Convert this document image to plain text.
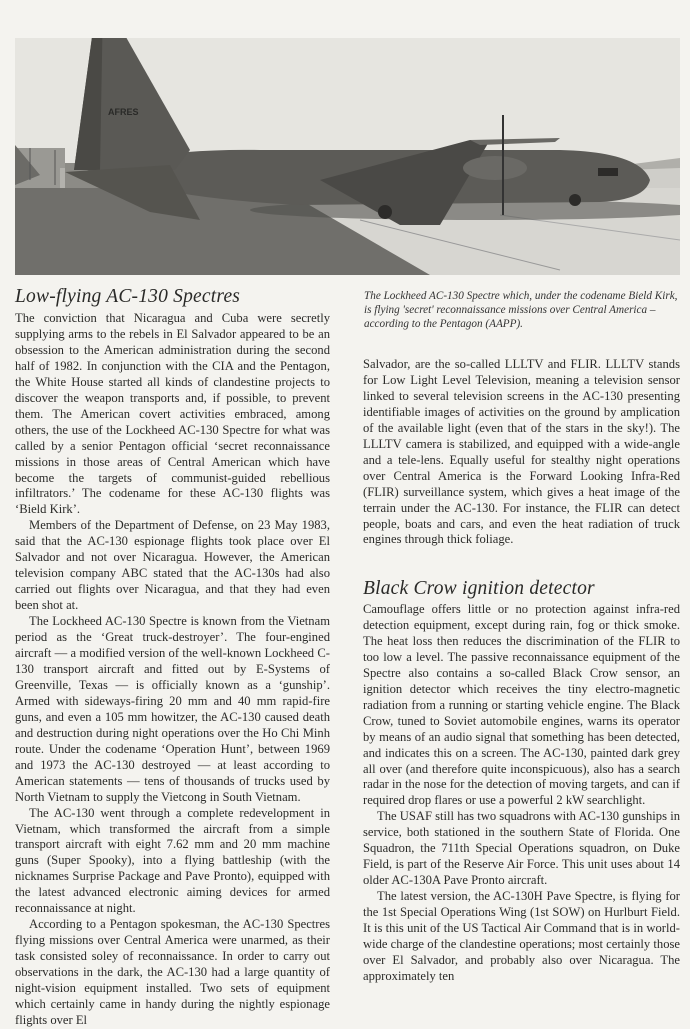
AFRES
Low-flying AC-130 Spectres	The Lockheed AC-130 Spectre which, under the codename Bield Kirk, is flying 'secret' reconnaissance missions over Central America – according to the Pentagon (AAPP).

The conviction that Nicaragua and Cuba were secretly supplying arms to the rebels in El Salvador appeared to be an obsession to the American administration during the second half of 1982. In conjunction with the CIA and the Pentagon, the White House started all kinds of clandestine projects to discover the weapon transports and, if possible, to prevent them. The American covert activities embraced, among others, the use of the Lockheed AC-130 Spectre for what was called by a senior Pentagon official ‘secret reconnaissance missions in those areas of Central American which have become the targets of communist-guided rebellious infiltrators.’ The codename for these AC-130 flights was ‘Bield Kirk’.

Members of the Department of Defense, on 23 May 1983, said that the AC-130 espionage flights took place over El Salvador and not over Nicaragua. However, the American television company ABC stated that the AC-130s had also carried out flights over Nicaragua, and that they had even been shot at.

The Lockheed AC-130 Spectre is known from the Vietnam period as the ‘Great truck-destroyer’. The four-engined aircraft — a modified version of the well-known Lockheed C-130 transport aircraft and fitted out by E-Systems of Greenville, Texas — is officially known as a ‘gunship’. Armed with sideways-firing 20 mm and 40 mm rapid-fire guns, and even a 105 mm howitzer, the AC-130 caused death and destruction during night operations over the Ho Chi Minh route. Under the codename ‘Operation Hunt’, between 1969 and 1973 the AC-130 destroyed — at least according to American statements — tens of thousands of trucks used by North Vietnam to supply the Vietcong in South Vietnam.

The AC-130 went through a complete redevelopment in Vietnam, which transformed the aircraft from a simple transport aircraft with eight 7.62 mm and 20 mm machine guns (Super Spooky), into a flying battleship (with the nicknames Surprise Package and Pave Pronto), equipped with the latest advanced electronic aiming devices for armed reconnaissance at night.

According to a Pentagon spokesman, the AC-130 Spectres flying missions over Central America were unarmed, as their task consisted soley of reconnaissance. In order to carry out observations in the dark, the AC-130 had a large quantity of night-vision equipment installed. Two sets of equipment which certainly came in handy during the nightly espionage flights over El

Salvador, are the so-called LLLTV and FLIR. LLLTV stands for Low Light Level Television, meaning a television sensor linked to several television screens in the AC-130 presenting identifiable images of activities on the ground by amplication of the available light (even that of the stars in the sky!). The LLLTV camera is stabilized, and equipped with a wide-angle and a tele-lens. Equally useful for stealthy night operations over Central America is the Forward Looking Infra-Red (FLIR) surveillance system, which gives a heat image of the terrain under the AC-130. For instance, the FLIR can detect people, boats and cars, and even the heat radiation of truck engines through thick foliage.

Black Crow ignition detector

Camouflage offers little or no protection against infra-red detection equipment, except during rain, fog or thick smoke. The heat loss then reduces the discrimination of the FLIR to too low a level. The passive reconnaissance equipment of the Spectre also contains a so-called Black Crow sensor, an ignition detector which receives the tiny electro-magnetic radiation from a running or starting vehicle engine. The Black Crow, tuned to Soviet automobile engines, warns its operator by means of an audio signal that something has been detected, and indicates this on a screen. The AC-130, painted dark grey all over (and therefore quite inconspicuous), also has a search radar in the nose for the detection of moving targets, and can if required drop flares or use a powerful 2 kW searchlight.

The USAF still has two squadrons with AC-130 gunships in service, both stationed in the southern State of Florida. One Squadron, the 711th Special Operations squadron, on Duke Field, is part of the Reserve Air Force. This unit uses about 14 older AC-130A Pave Pronto aircraft.

The latest version, the AC-130H Pave Spectre, is flying for the 1st Special Operations Wing (1st SOW) on Hurlburt Field. It is this unit of the US Tactical Air Command that is in world-wide charge of the clandestine operations; most certainly those over El Salvador, and probably also over Nicaragua. The approximately ten
